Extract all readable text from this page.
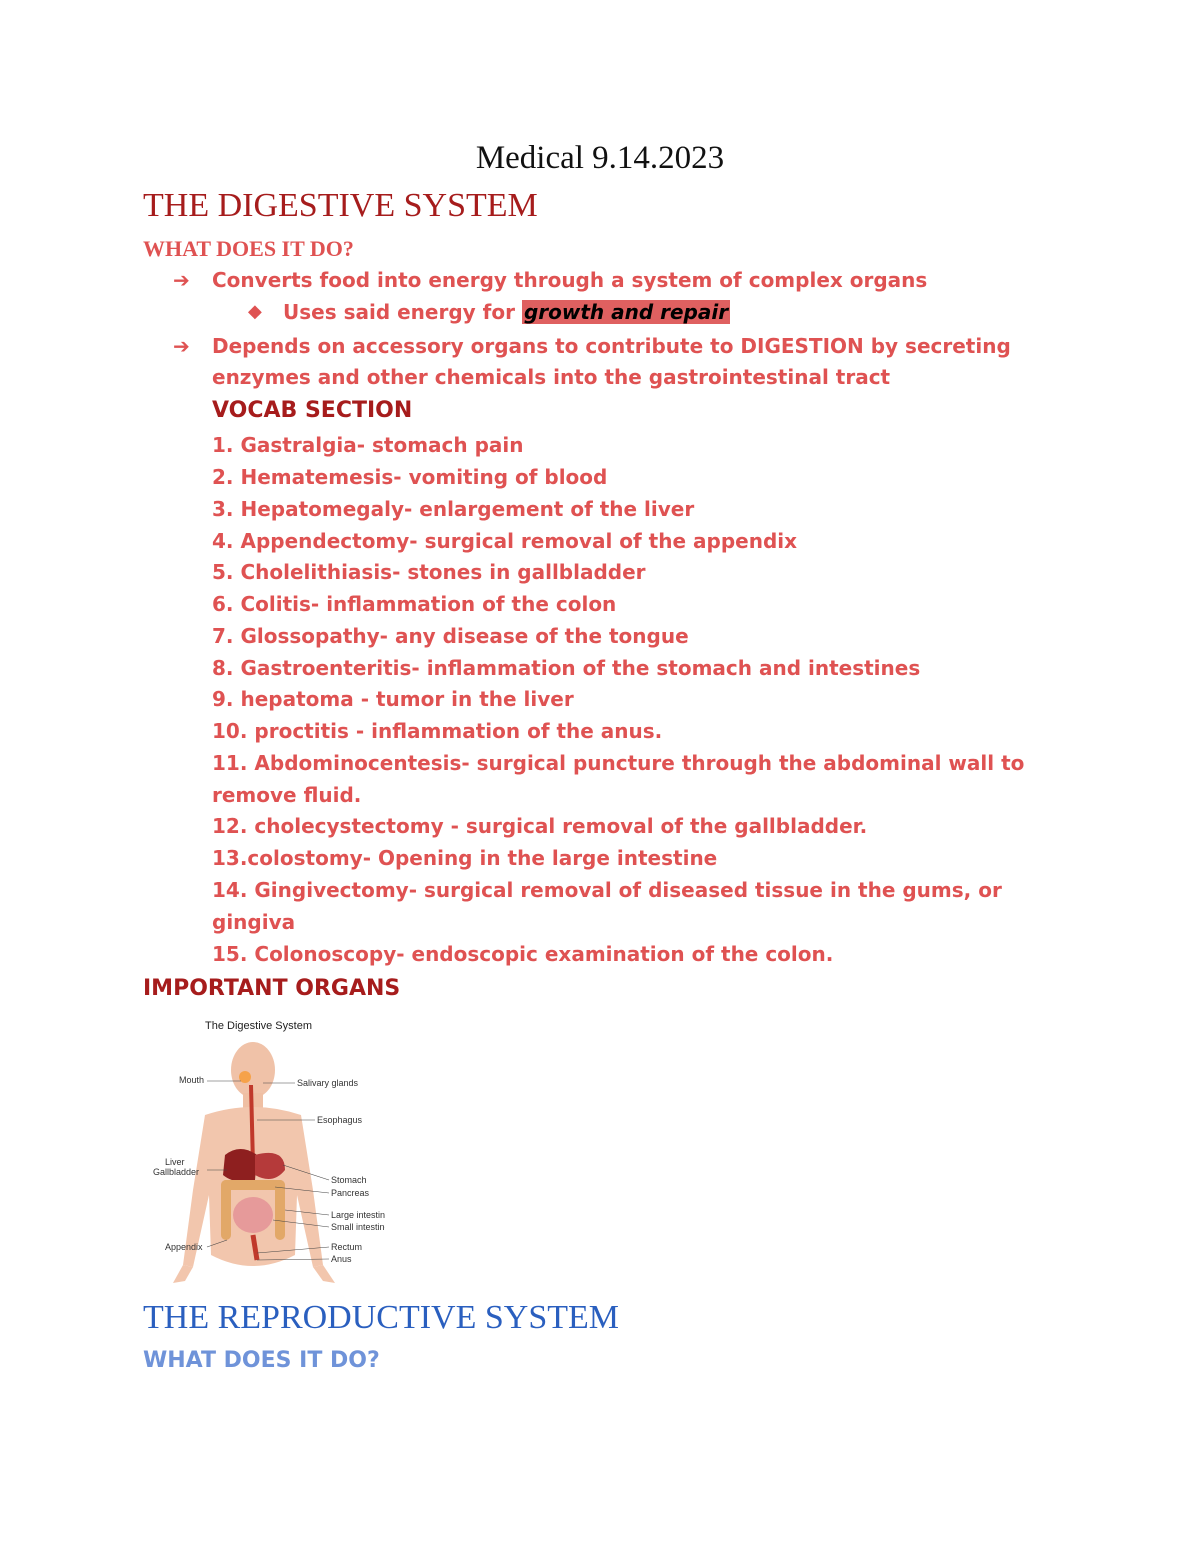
Medical 9.14.2023
THE DIGESTIVE SYSTEM
WHAT DOES IT DO?
➔ Converts food into energy through a system of complex organs
◆ Uses said energy for growth and repair
➔ Depends on accessory organs to contribute to DIGESTION by secreting
enzymes and other chemicals into the gastrointestinal tract
VOCAB SECTION
1. Gastralgia- stomach pain
2. Hematemesis- vomiting of blood
3. Hepatomegaly- enlargement of the liver
4. Appendectomy- surgical removal of the appendix
5. Cholelithiasis- stones in gallbladder
6. Colitis- inflammation of the colon
7. Glossopathy- any disease of the tongue
8. Gastroenteritis- inflammation of the stomach and intestines
9. hepatoma - tumor in the liver
10. proctitis - inflammation of the anus.
11. Abdominocentesis- surgical puncture through the abdominal wall to
remove fluid.
12. cholecystectomy - surgical removal of the gallbladder.
13.colostomy- Opening in the large intestine
14. Gingivectomy- surgical removal of diseased tissue in the gums, or
gingiva
15. Colonoscopy- endoscopic examination of the colon.
IMPORTANT ORGANS
The Digestive System
Mouth	Salivary glands
Esophagus
Liver
Gallbladder
Stomach
Pancreas
Large intestine
Small intestine
Appendix	Rectum
Anus
THE REPRODUCTIVE SYSTEM
WHAT DOES IT DO?
